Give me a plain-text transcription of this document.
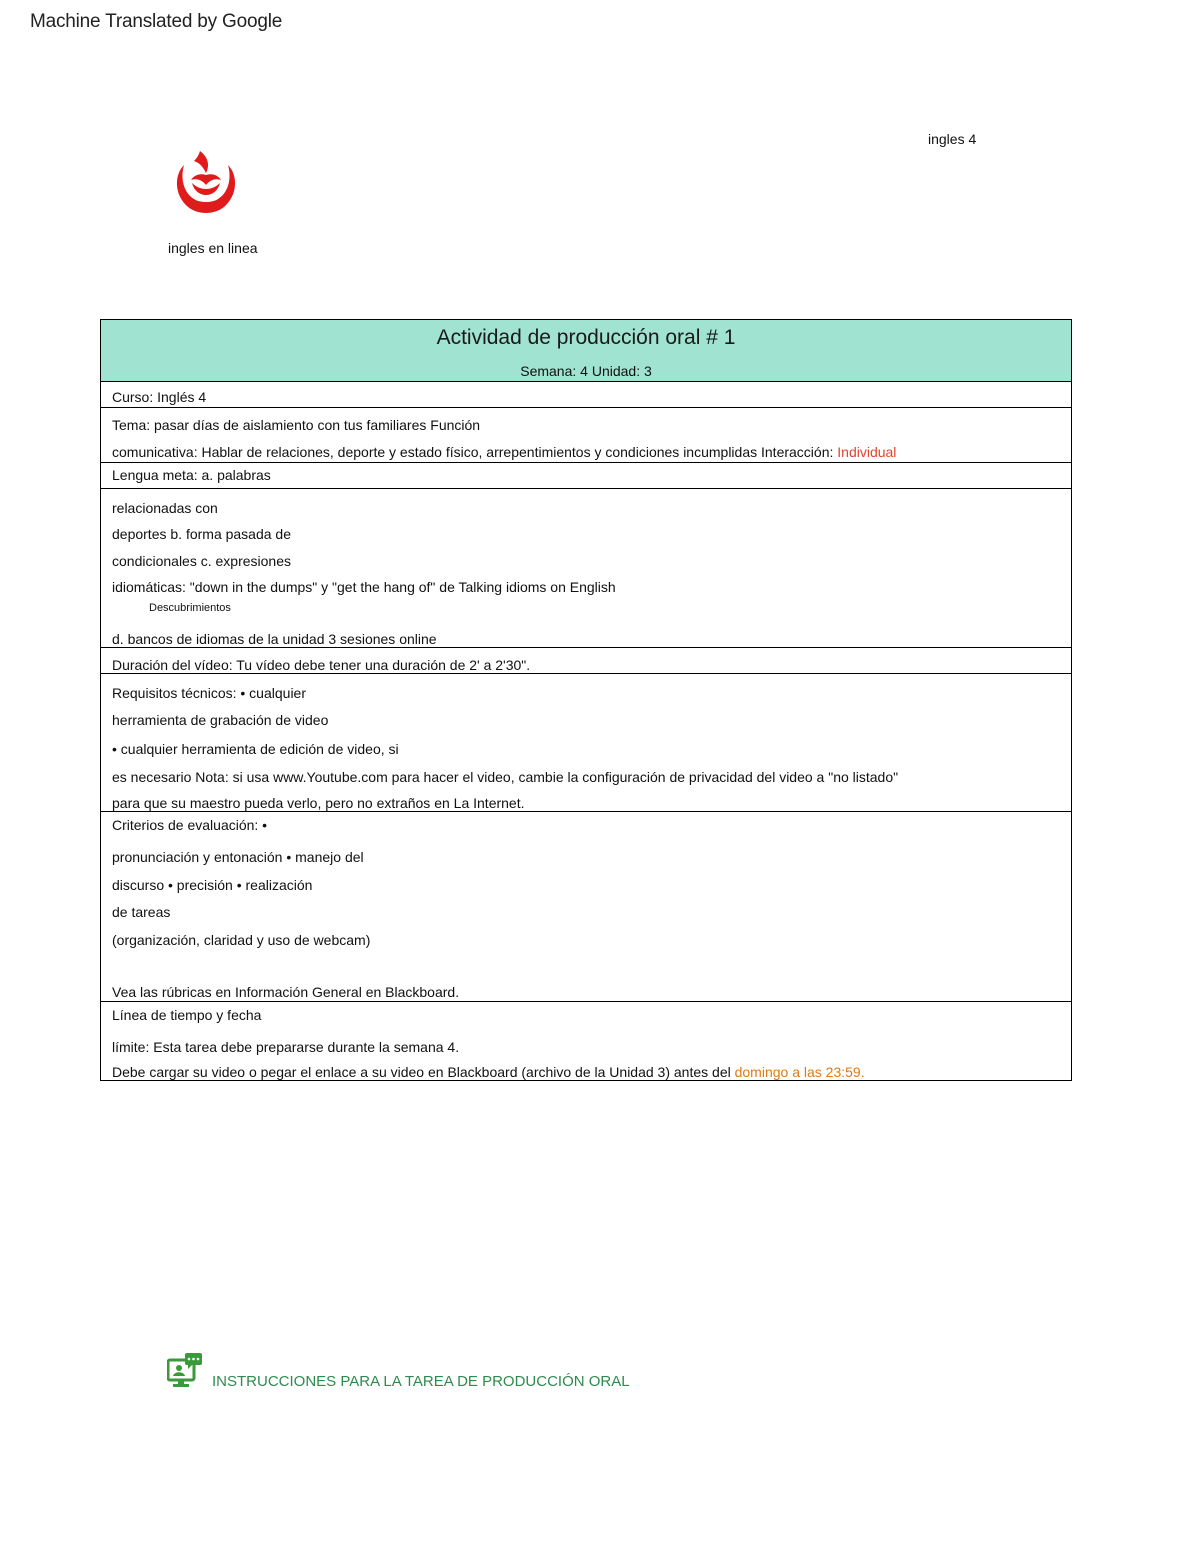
Machine Translated by Google
ingles 4
ingles en linea
Actividad de producción oral # 1
Semana: 4 Unidad: 3
Curso: Inglés 4
Tema: pasar días de aislamiento con tus familiares Función
comunicativa: Hablar de relaciones, deporte y estado físico, arrepentimientos y condiciones incumplidas Interacción: Individual
Lengua meta: a. palabras
relacionadas con
deportes b. forma pasada de
condicionales c. expresiones
idiomáticas: "down in the dumps" y "get the hang of" de Talking idioms on English
Descubrimientos
d. bancos de idiomas de la unidad 3 sesiones online
Duración del vídeo: Tu vídeo debe tener una duración de 2' a 2'30".
Requisitos técnicos: • cualquier
herramienta de grabación de video
• cualquier herramienta de edición de video, si
es necesario Nota: si usa www.Youtube.com para hacer el video, cambie la configuración de privacidad del video a "no listado"
para que su maestro pueda verlo, pero no extraños en La Internet.
Criterios de evaluación: •
pronunciación y entonación • manejo del
discurso • precisión • realización
de tareas
(organización, claridad y uso de webcam)
Vea las rúbricas en Información General en Blackboard.
Línea de tiempo y fecha
límite: Esta tarea debe prepararse durante la semana 4.
Debe cargar su video o pegar el enlace a su video en Blackboard (archivo de la Unidad 3) antes del domingo a las 23:59.
INSTRUCCIONES PARA LA TAREA DE PRODUCCIÓN ORAL
